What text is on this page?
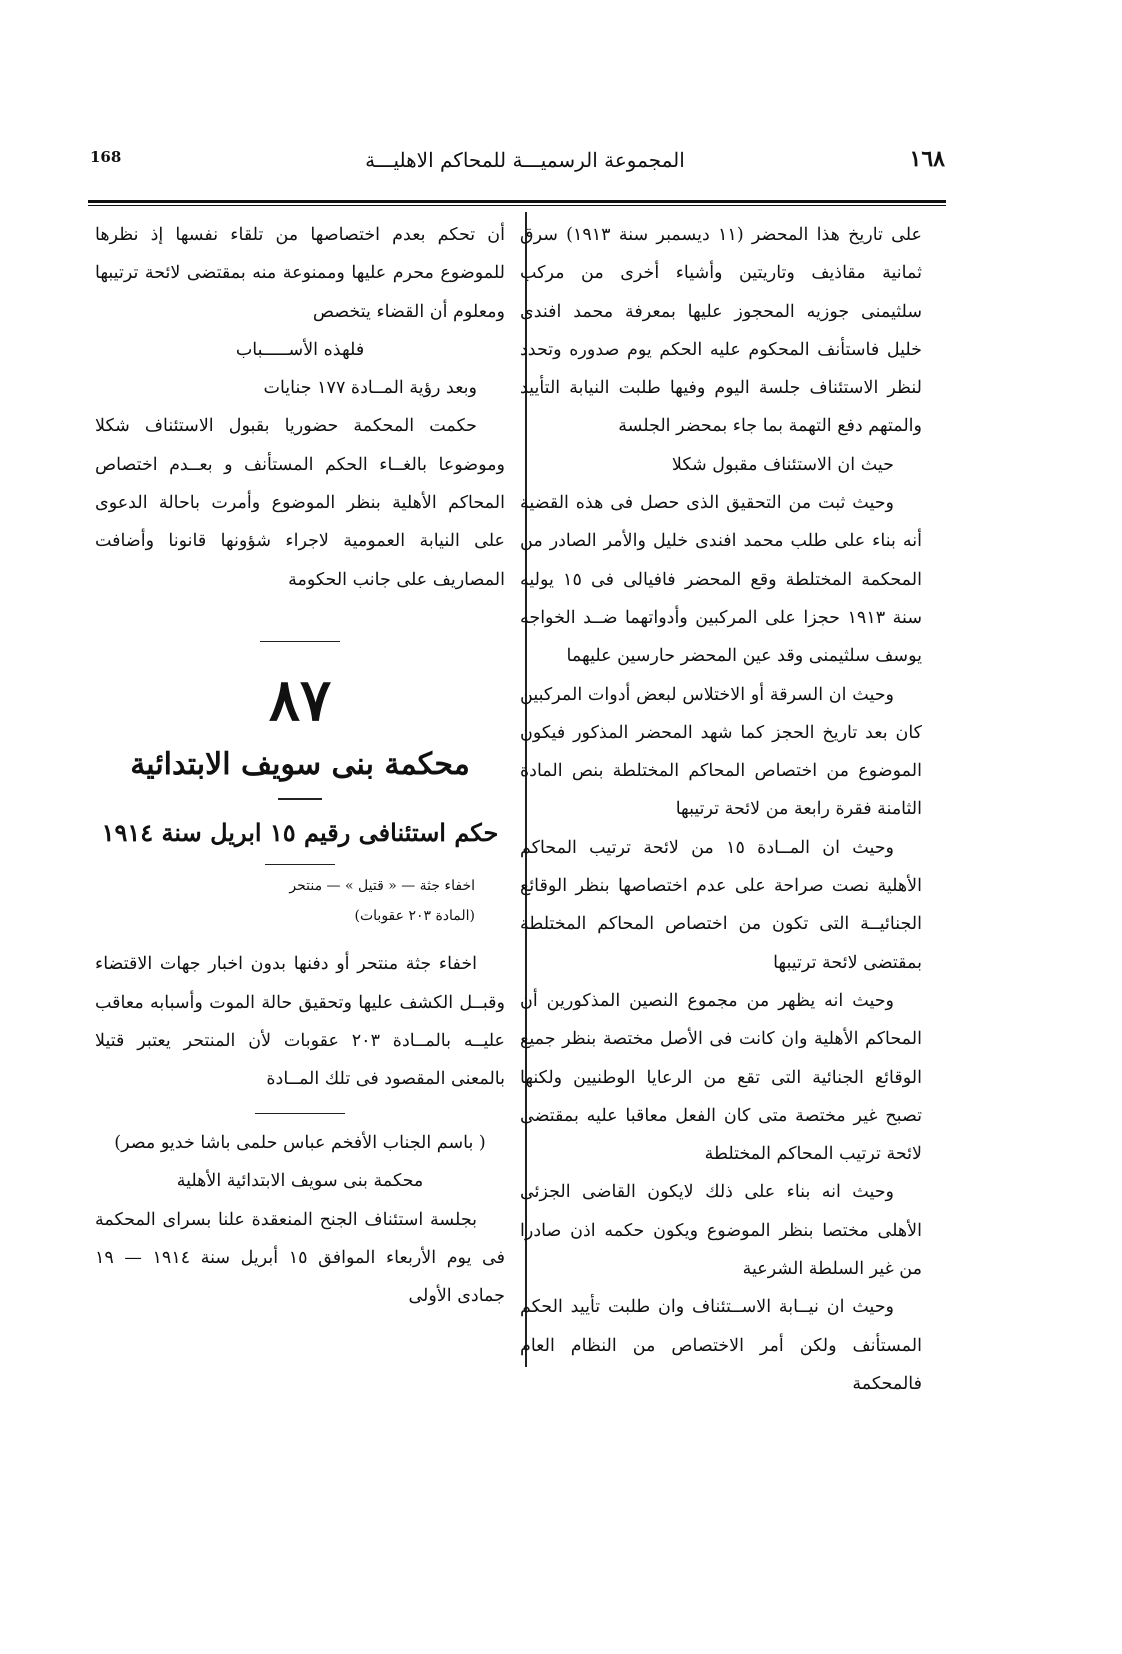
168	المجموعة الرسميـــة للمحاكم الاهليـــة	١٦٨

على تاريخ هذا المحضر (١١ ديسمبر سنة ١٩١٣) سرق ثمانية مقاذيف وتاريتين وأشياء أخرى من مركب سلثيمنى جوزيه المحجوز عليها بمعرفة محمد افندى خليل فاستأنف المحكوم عليه الحكم يوم صدوره وتحدد لنظر الاستئناف جلسة اليوم وفيها طلبت النيابة التأييد والمتهم دفع التهمة بما جاء بمحضر الجلسة

حيث ان الاستئناف مقبول شكلا

وحيث ثبت من التحقيق الذى حصل فى هذه القضية أنه بناء على طلب محمد افندى خليل والأمر الصادر من المحكمة المختلطة وقع المحضر فافيالى فى ١٥ يوليه سنة ١٩١٣ حجزا على المركبين وأدواتهما ضــد الخواجه يوسف سلثيمنى وقد عين المحضر حارسين عليهما

وحيث ان السرقة أو الاختلاس لبعض أدوات المركبين كان بعد تاريخ الحجز كما شهد المحضر المذكور فيكون الموضوع من اختصاص المحاكم المختلطة بنص المادة الثامنة فقرة رابعة من لائحة ترتيبها

وحيث ان المــادة ١٥ من لائحة ترتيب المحاكم الأهلية نصت صراحة على عدم اختصاصها بنظر الوقائع الجنائيــة التى تكون من اختصاص المحاكم المختلطة بمقتضى لائحة ترتيبها

وحيث انه يظهر من مجموع النصين المذكورين أن المحاكم الأهلية وان كانت فى الأصل مختصة بنظر جميع الوقائع الجنائية التى تقع من الرعايا الوطنيين ولكنها تصبح غير مختصة متى كان الفعل معاقبا عليه بمقتضى لائحة ترتيب المحاكم المختلطة

وحيث انه بناء على ذلك لايكون القاضى الجزئى الأهلى مختصا بنظر الموضوع ويكون حكمه اذن صادرا من غير السلطة الشرعية

وحيث ان نيــابة الاســتئناف وان طلبت تأييد الحكم المستأنف ولكن أمر الاختصاص من النظام العام فالمحكمة

أن تحكم بعدم اختصاصها من تلقاء نفسها إذ نظرها للموضوع محرم عليها وممنوعة منه بمقتضى لائحة ترتيبها ومعلوم أن القضاء يتخصص

فلهذه الأســـــباب

وبعد رؤية المــادة ١٧٧ جنايات

حكمت المحكمة حضوريا بقبول الاستئناف شكلا وموضوعا بالغــاء الحكم المستأنف و بعــدم اختصاص المحاكم الأهلية بنظر الموضوع وأمرت باحالة الدعوى على النيابة العمومية لاجراء شؤونها قانونا وأضافت المصاريف على جانب الحكومة

٨٧
محكمة بنى سويف الابتدائية
حكم استئنافى رقيم ١٥ ابريل سنة ١٩١٤

اخفاء جثة — « قتيل » — منتحر

(المادة ٢٠٣ عقوبات)

اخفاء جثة منتحر أو دفنها بدون اخبار جهات الاقتضاء وقبــل الكشف عليها وتحقيق حالة الموت وأسبابه معاقب عليــه بالمــادة ٢٠٣ عقوبات لأن المنتحر يعتبر قتيلا بالمعنى المقصود فى تلك المــادة

( باسم الجناب الأفخم عباس حلمى باشا خديو مصر)

محكمة بنى سويف الابتدائية الأهلية

بجلسة استئناف الجنح المنعقدة علنا بسراى المحكمة فى يوم الأربعاء الموافق ١٥ أبريل سنة ١٩١٤ — ١٩ جمادى الأولى
